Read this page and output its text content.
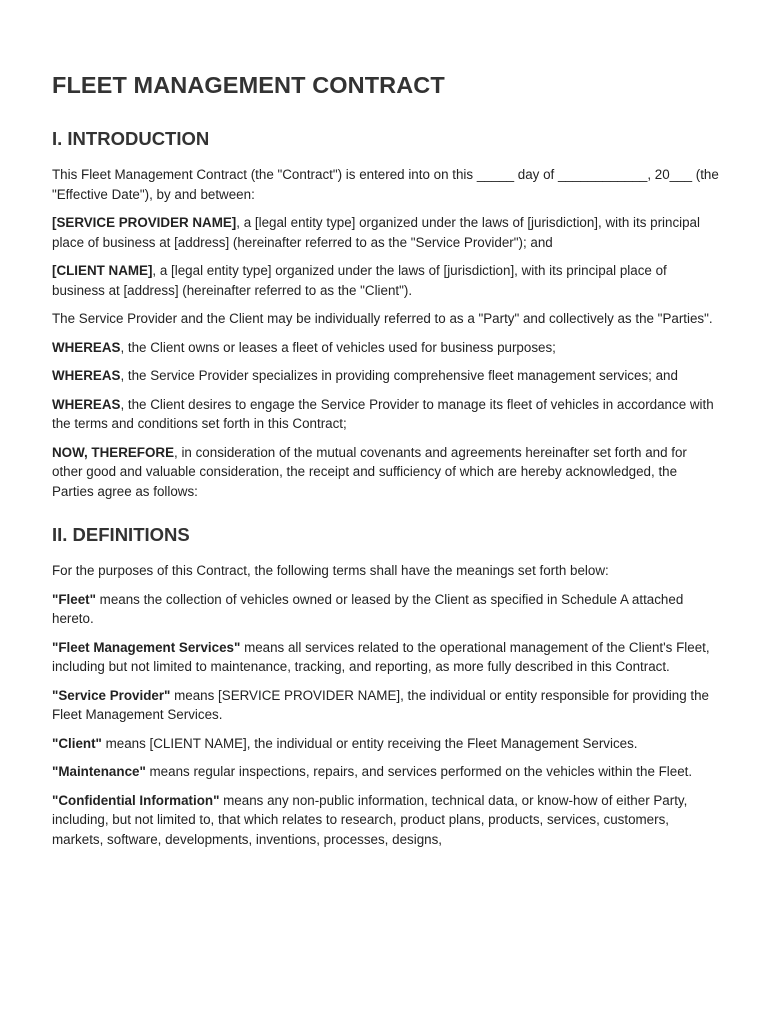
FLEET MANAGEMENT CONTRACT
I. INTRODUCTION

This Fleet Management Contract (the "Contract") is entered into on this _____ day of ____________, 20___ (the "Effective Date"), by and between:

[SERVICE PROVIDER NAME], a [legal entity type] organized under the laws of [jurisdiction], with its principal place of business at [address] (hereinafter referred to as the "Service Provider"); and

[CLIENT NAME], a [legal entity type] organized under the laws of [jurisdiction], with its principal place of business at [address] (hereinafter referred to as the "Client").

The Service Provider and the Client may be individually referred to as a "Party" and collectively as the "Parties".

WHEREAS, the Client owns or leases a fleet of vehicles used for business purposes;

WHEREAS, the Service Provider specializes in providing comprehensive fleet management services; and

WHEREAS, the Client desires to engage the Service Provider to manage its fleet of vehicles in accordance with the terms and conditions set forth in this Contract;

NOW, THEREFORE, in consideration of the mutual covenants and agreements hereinafter set forth and for other good and valuable consideration, the receipt and sufficiency of which are hereby acknowledged, the Parties agree as follows:

II. DEFINITIONS

For the purposes of this Contract, the following terms shall have the meanings set forth below:

"Fleet" means the collection of vehicles owned or leased by the Client as specified in Schedule A attached hereto.

"Fleet Management Services" means all services related to the operational management of the Client's Fleet, including but not limited to maintenance, tracking, and reporting, as more fully described in this Contract.

"Service Provider" means [SERVICE PROVIDER NAME], the individual or entity responsible for providing the Fleet Management Services.

"Client" means [CLIENT NAME], the individual or entity receiving the Fleet Management Services.

"Maintenance" means regular inspections, repairs, and services performed on the vehicles within the Fleet.

"Confidential Information" means any non-public information, technical data, or know-how of either Party, including, but not limited to, that which relates to research, product plans, products, services, customers, markets, software, developments, inventions, processes, designs,
